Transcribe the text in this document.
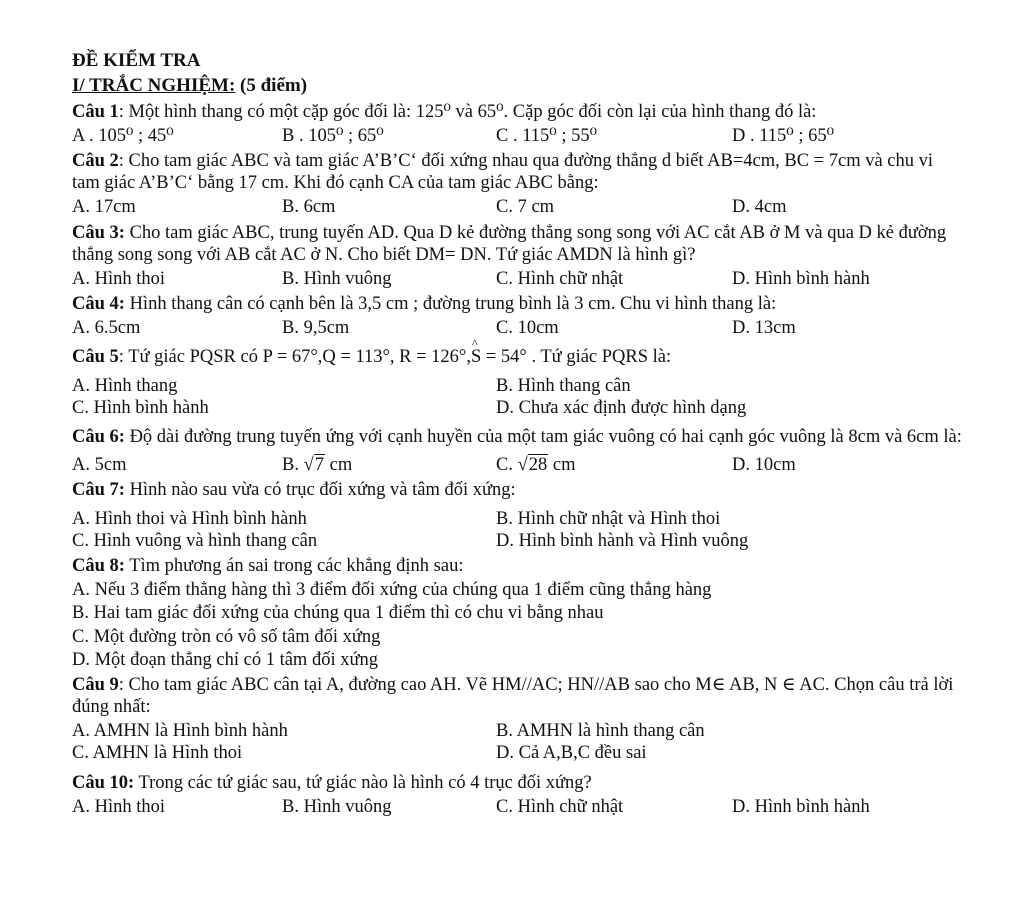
ĐỀ KIỂM TRA
I/ TRẮC NGHIỆM: (5 điểm)
Câu 1: Một hình thang có một cặp góc đối là: 125⁰ và 65⁰. Cặp góc đối còn lại của hình thang đó là:
A . 105⁰ ; 45⁰	B . 105⁰ ; 65⁰	C . 115⁰ ; 55⁰	D . 115⁰ ; 65⁰
Câu 2: Cho tam giác ABC và tam giác A’B’C‘ đối xứng nhau qua đường thẳng d biết AB=4cm, BC = 7cm và chu vi tam giác A’B’C‘ bằng 17 cm. Khi đó cạnh CA của tam giác ABC bằng:
A. 17cm	B. 6cm	C. 7 cm	D. 4cm
Câu 3: Cho tam giác ABC, trung tuyến AD. Qua D kẻ đường thẳng song song với AC cắt AB ở M và qua D kẻ đường thẳng song song với AB cắt AC ở N. Cho biết DM= DN. Tứ giác AMDN là hình gì?
A. Hình thoi	B. Hình vuông	C. Hình chữ nhật	D. Hình bình hành
Câu 4: Hình thang cân có cạnh bên là 3,5 cm ; đường trung bình là 3 cm. Chu vi hình thang là:
A. 6.5cm	B. 9,5cm	C. 10cm	D. 13cm
Câu 5: Tứ giác PQSR có P = 67°,Q = 113°, R = 126°,^ S = 54° . Tứ giác PQRS là:
A. Hình thang	B. Hình thang cân
C. Hình bình hành	D. Chưa xác định được hình dạng
Câu 6: Độ dài đường trung tuyến ứng với cạnh huyền của một tam giác vuông có hai cạnh góc vuông là 8cm và 6cm là:
A. 5cm	B. √7 cm	C. √28 cm	D. 10cm
Câu 7: Hình nào sau vừa có trục đối xứng và tâm đối xứng:
A. Hình thoi và Hình bình hành	B. Hình chữ nhật và Hình thoi
C. Hình vuông và hình thang cân	D. Hình bình hành và Hình vuông
Câu 8: Tìm phương án sai trong các khẳng định sau:
A. Nếu 3 điểm thẳng hàng thì 3 điểm đối xứng của chúng qua 1 điểm cũng thẳng hàng
B. Hai tam giác đối xứng của chúng qua 1 điểm thì có chu vi bằng nhau
C. Một đường tròn có vô số tâm đối xứng
D. Một đoạn thẳng chỉ có 1 tâm đối xứng
Câu 9: Cho tam giác ABC cân tại A, đường cao AH. Vẽ HM//AC; HN//AB sao cho M∈ AB, N ∈ AC. Chọn câu trả lời đúng nhất:
A. AMHN là Hình bình hành	B. AMHN là hình thang cân
C. AMHN là Hình thoi	D. Cả A,B,C đều sai
Câu 10: Trong các tứ giác sau, tứ giác nào là hình có 4 trục đối xứng?
A. Hình thoi	B. Hình vuông	C. Hình chữ nhật	D. Hình bình hành
